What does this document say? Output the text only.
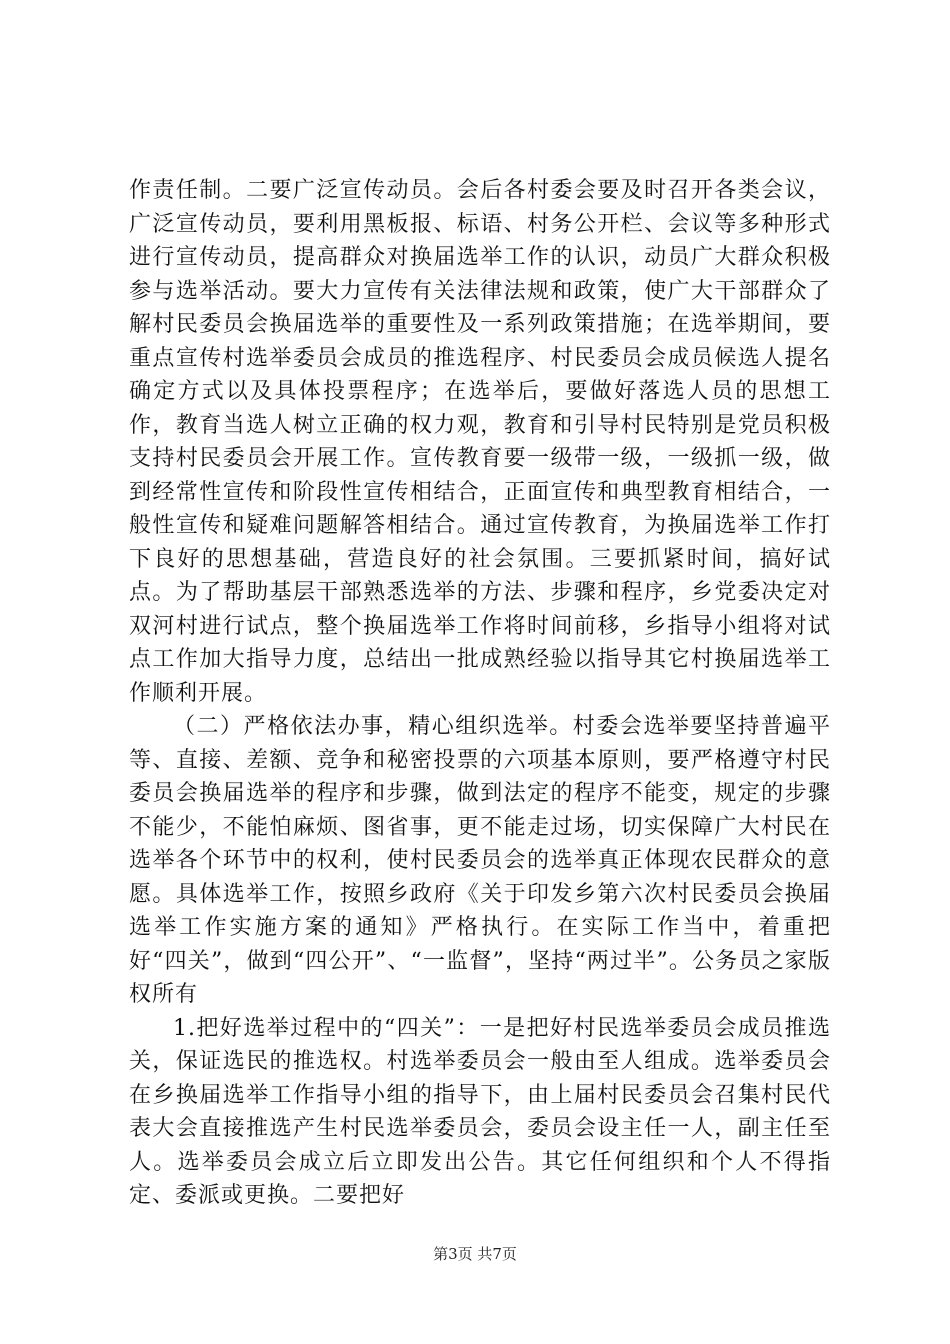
作责任制。二要广泛宣传动员。会后各村委会要及时召开各类会议，广泛宣传动员，要利用黑板报、标语、村务公开栏、会议等多种形式进行宣传动员，提高群众对换届选举工作的认识，动员广大群众积极参与选举活动。要大力宣传有关法律法规和政策，使广大干部群众了解村民委员会换届选举的重要性及一系列政策措施；在选举期间，要重点宣传村选举委员会成员的推选程序、村民委员会成员候选人提名确定方式以及具体投票程序；在选举后，要做好落选人员的思想工作，教育当选人树立正确的权力观，教育和引导村民特别是党员积极支持村民委员会开展工作。宣传教育要一级带一级，一级抓一级，做到经常性宣传和阶段性宣传相结合，正面宣传和典型教育相结合，一般性宣传和疑难问题解答相结合。通过宣传教育，为换届选举工作打下良好的思想基础，营造良好的社会氛围。三要抓紧时间，搞好试点。为了帮助基层干部熟悉选举的方法、步骤和程序，乡党委决定对双河村进行试点，整个换届选举工作将时间前移，乡指导小组将对试点工作加大指导力度，总结出一批成熟经验以指导其它村换届选举工作顺利开展。

（二）严格依法办事，精心组织选举。村委会选举要坚持普遍平等、直接、差额、竞争和秘密投票的六项基本原则，要严格遵守村民委员会换届选举的程序和步骤，做到法定的程序不能变，规定的步骤不能少，不能怕麻烦、图省事，更不能走过场，切实保障广大村民在选举各个环节中的权利，使村民委员会的选举真正体现农民群众的意愿。具体选举工作，按照乡政府《关于印发乡第六次村民委员会换届选举工作实施方案的通知》严格执行。在实际工作当中，着重把好“四关”，做到“四公开”、“一监督”，坚持“两过半”。公务员之家版权所有

1.把好选举过程中的“四关”：一是把好村民选举委员会成员推选关，保证选民的推选权。村选举委员会一般由至人组成。选举委员会在乡换届选举工作指导小组的指导下，由上届村民委员会召集村民代表大会直接推选产生村民选举委员会，委员会设主任一人，副主任至人。选举委员会成立后立即发出公告。其它任何组织和个人不得指定、委派或更换。二要把好

第3页 共7页
